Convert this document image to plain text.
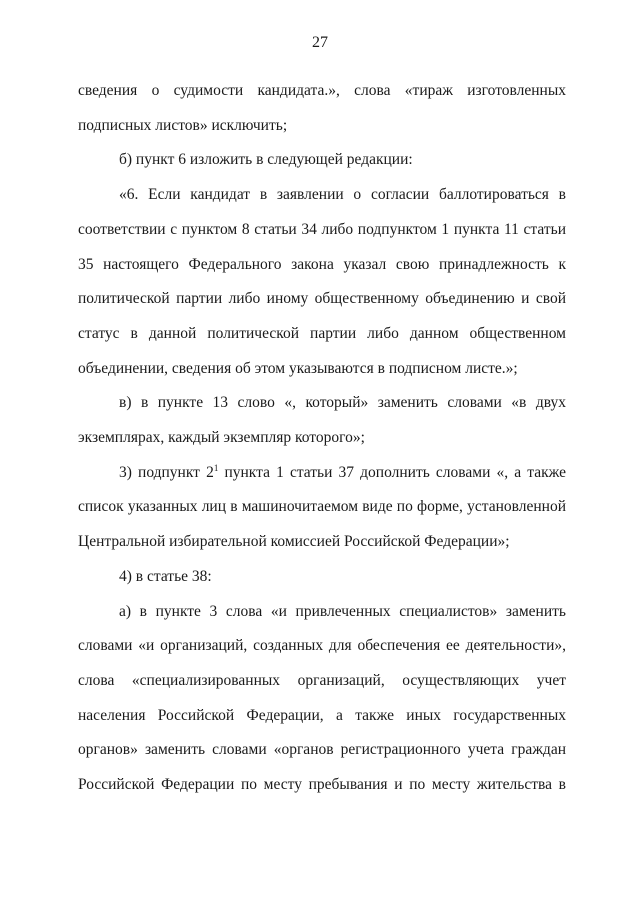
27

сведения о судимости кандидата.», слова «тираж изготовленных подписных листов» исключить;

б) пункт 6 изложить в следующей редакции:

«6. Если кандидат в заявлении о согласии баллотироваться в соответствии с пунктом 8 статьи 34 либо подпунктом 1 пункта 11 статьи 35 настоящего Федерального закона указал свою принадлежность к политической партии либо иному общественному объединению и свой статус в данной политической партии либо данном общественном объединении, сведения об этом указываются в подписном листе.»;

в) в пункте 13 слово «, который» заменить словами «в двух экземплярах, каждый экземпляр которого»;

3) подпункт $2^1$ пункта 1 статьи 37 дополнить словами «, а также список указанных лиц в машиночитаемом виде по форме, установленной Центральной избирательной комиссией Российской Федерации»;

4) в статье 38:

а) в пункте 3 слова «и привлеченных специалистов» заменить словами «и организаций, созданных для обеспечения ее деятельности», слова «специализированных организаций, осуществляющих учет населения Российской Федерации, а также иных государственных органов» заменить словами «органов регистрационного учета граждан Российской Федерации по месту пребывания и по месту жительства в
